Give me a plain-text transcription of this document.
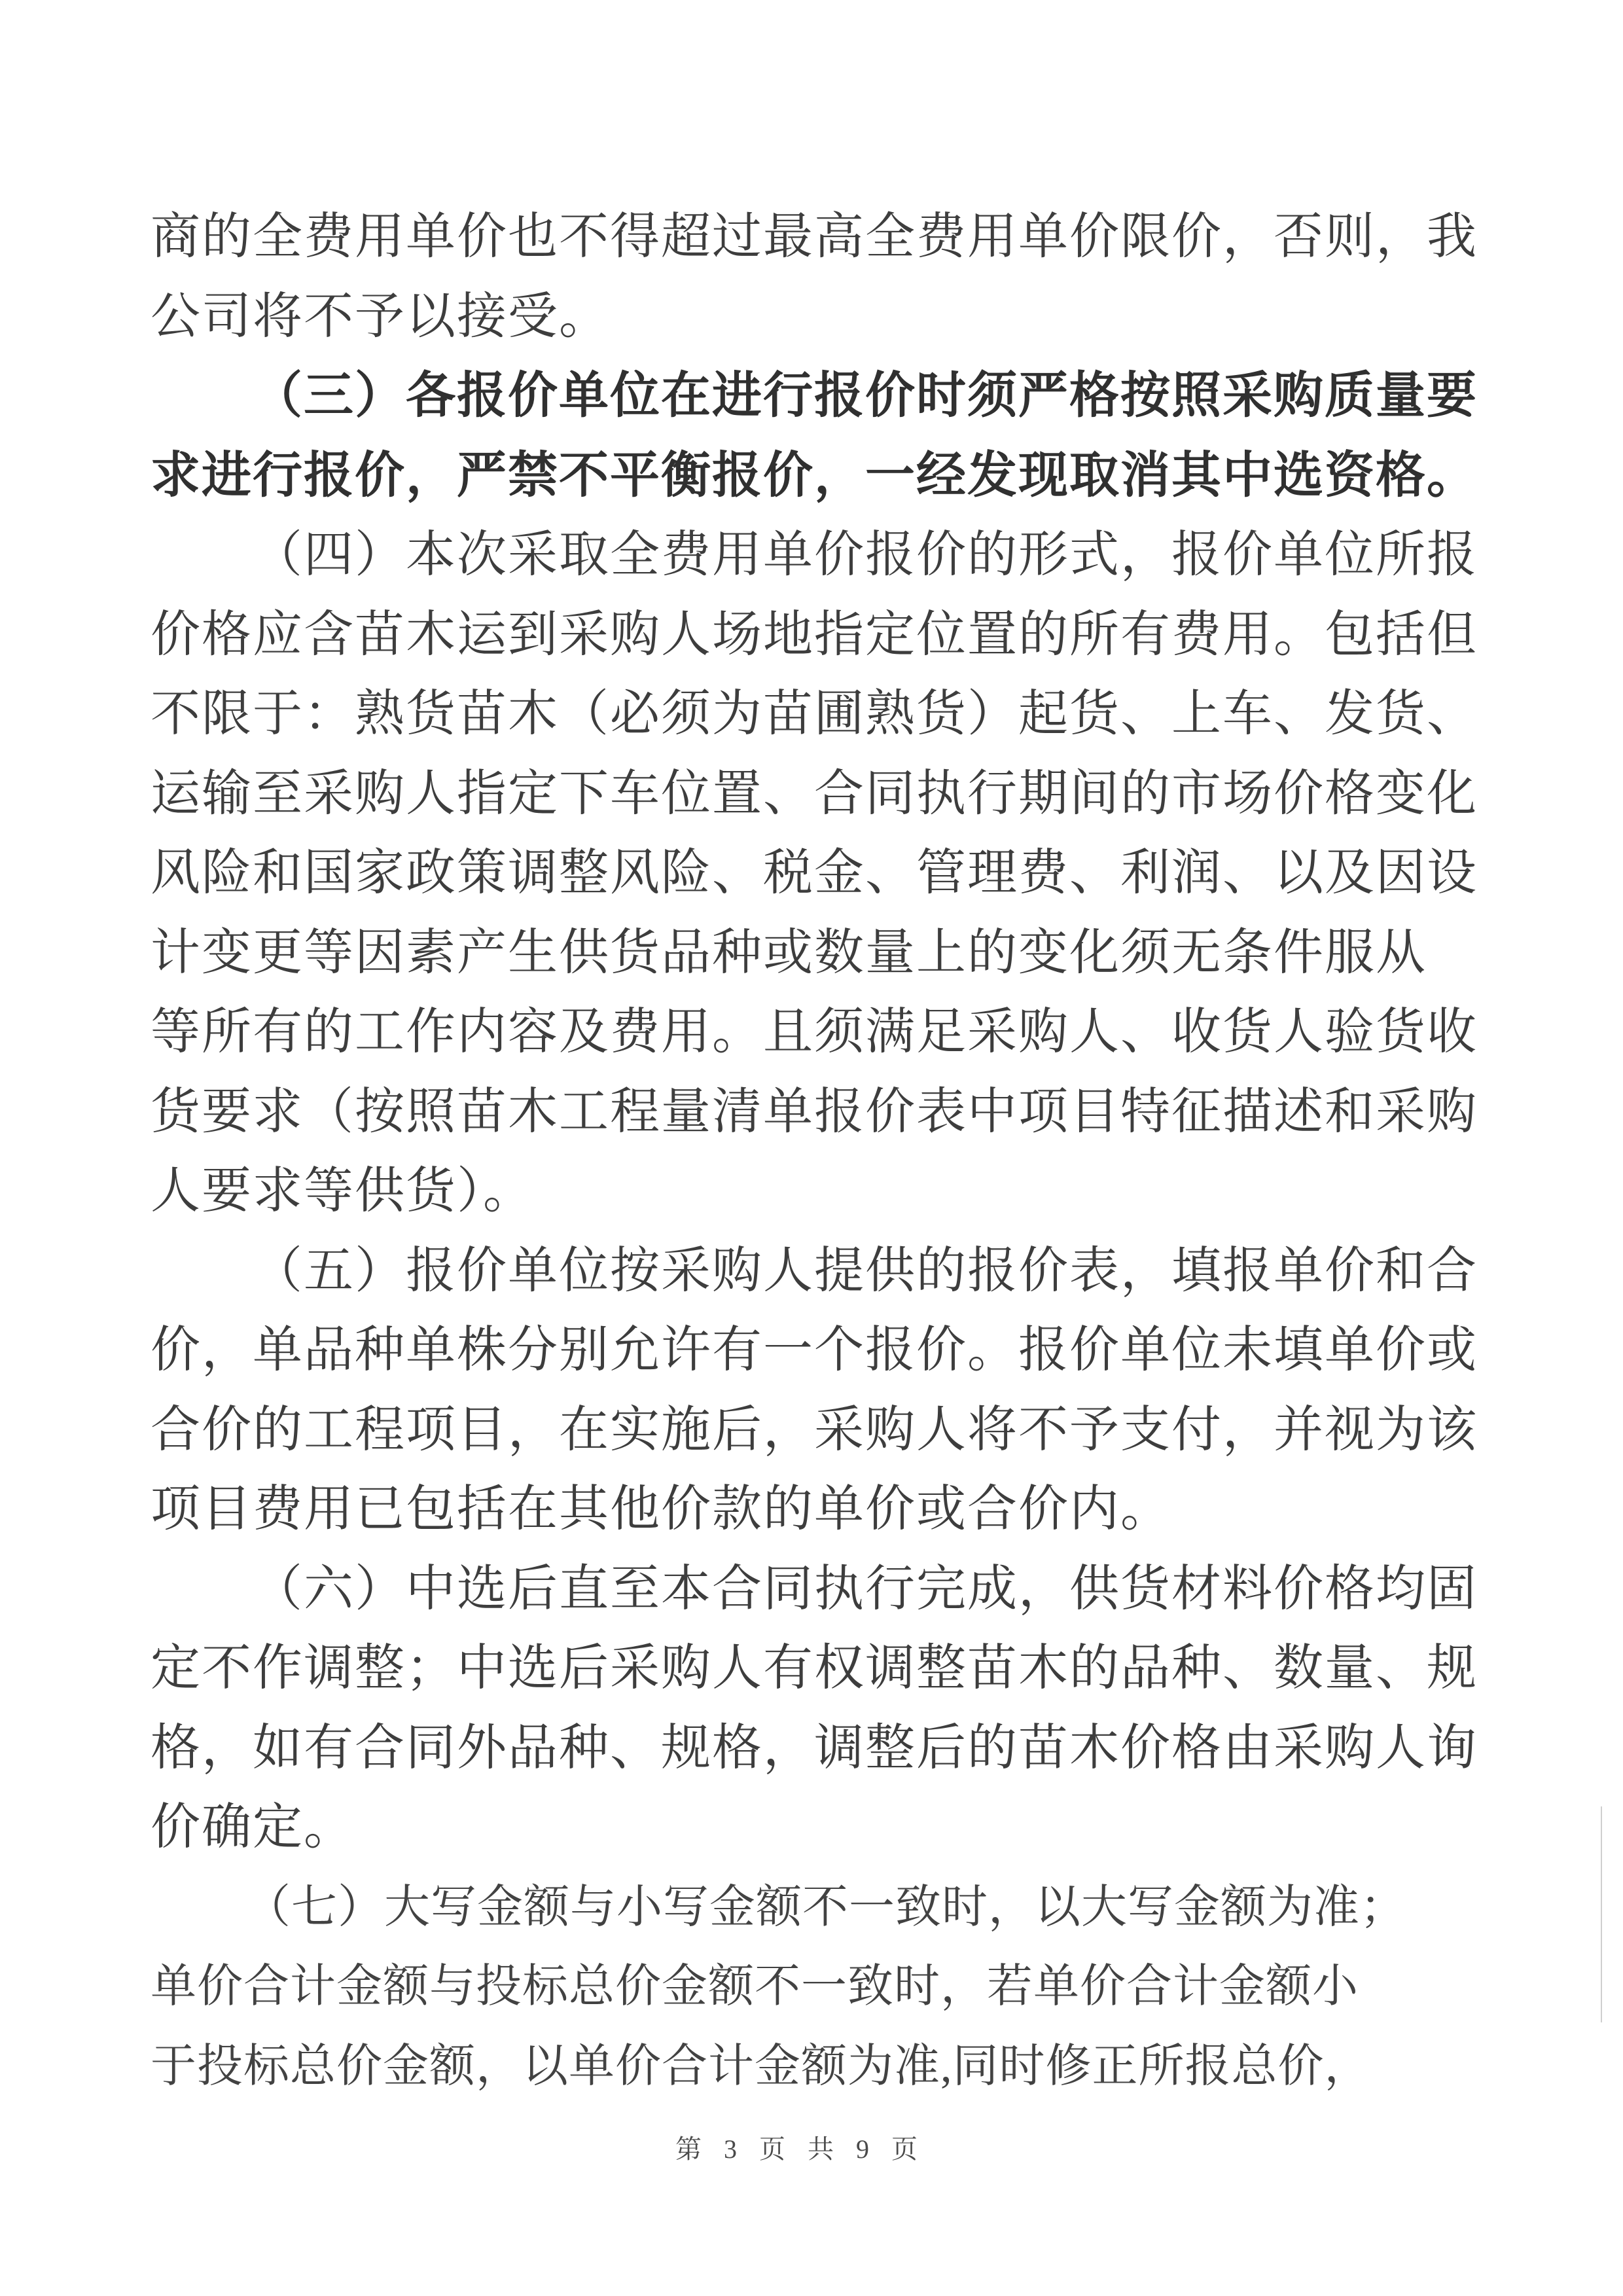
商的全费用单价也不得超过最高全费用单价限价，否则，我
公司将不予以接受。
（三）各报价单位在进行报价时须严格按照采购质量要
求进行报价，严禁不平衡报价，一经发现取消其中选资格。
（四）本次采取全费用单价报价的形式，报价单位所报
价格应含苗木运到采购人场地指定位置的所有费用。包括但
不限于：熟货苗木（必须为苗圃熟货）起货、上车、发货、
运输至采购人指定下车位置、合同执行期间的市场价格变化
风险和国家政策调整风险、税金、管理费、利润、以及因设
计变更等因素产生供货品种或数量上的变化须无条件服从
等所有的工作内容及费用。且须满足采购人、收货人验货收
货要求（按照苗木工程量清单报价表中项目特征描述和采购
人要求等供货）。
（五）报价单位按采购人提供的报价表，填报单价和合
价，单品种单株分别允许有一个报价。报价单位未填单价或
合价的工程项目，在实施后，采购人将不予支付，并视为该
项目费用已包括在其他价款的单价或合价内。
（六）中选后直至本合同执行完成，供货材料价格均固
定不作调整；中选后采购人有权调整苗木的品种、数量、规
格，如有合同外品种、规格，调整后的苗木价格由采购人询
价确定。
（七）大写金额与小写金额不一致时，以大写金额为准；
单价合计金额与投标总价金额不一致时，若单价合计金额小
于投标总价金额，以单价合计金额为准,同时修正所报总价，
第 3 页 共 9 页
